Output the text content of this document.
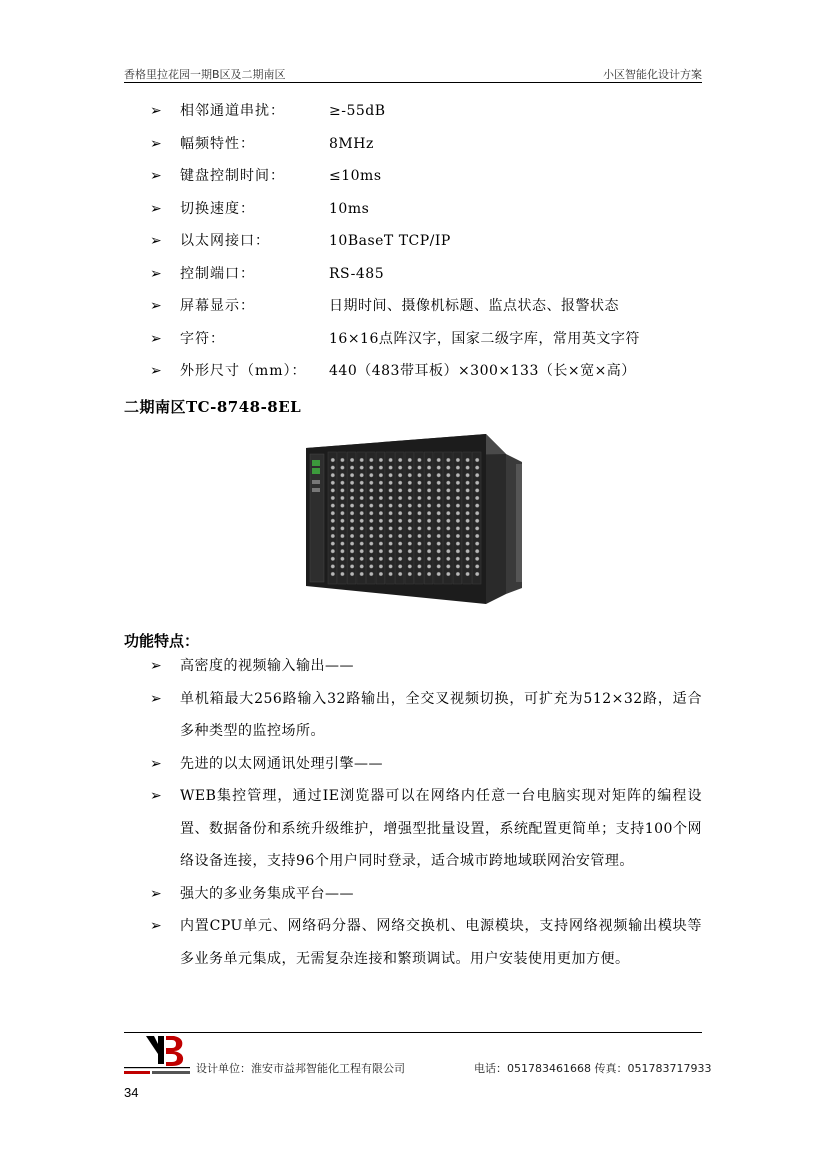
香格里拉花园一期B区及二期南区	小区智能化设计方案
➢ 相邻通道串扰：	≥-55dB
➢ 幅频特性：	8MHz
➢ 键盘控制时间：	≤10ms
➢ 切换速度：	10ms
➢ 以太网接口：	10BaseT TCP/IP
➢ 控制端口：	RS-485
➢ 屏幕显示：	日期时间、摄像机标题、监点状态、报警状态
➢ 字符：	16×16点阵汉字，国家二级字库，常用英文字符
➢ 外形尺寸（mm）： 440（483带耳板）×300×133（长×宽×高）
二期南区TC-8748-8EL
功能特点：
➢ 高密度的视频输入输出——
➢ 单机箱最大256路输入32路输出，全交叉视频切换，可扩充为512×32路，适合多种类型的监控场所。
➢ 先进的以太网通讯处理引擎——
➢ WEB集控管理，通过IE浏览器可以在网络内任意一台电脑实现对矩阵的编程设置、数据备份和系统升级维护，增强型批量设置，系统配置更简单；支持100个网络设备连接，支持96个用户同时登录，适合城市跨地域联网治安管理。
➢ 强大的多业务集成平台——
➢ 内置CPU单元、网络码分器、网络交换机、电源模块，支持网络视频输出模块等多业务单元集成，无需复杂连接和繁琐调试。用户安装使用更加方便。
设计单位：淮安市益邦智能化工程有限公司	电话：051783461668 传真：051783717933
34
